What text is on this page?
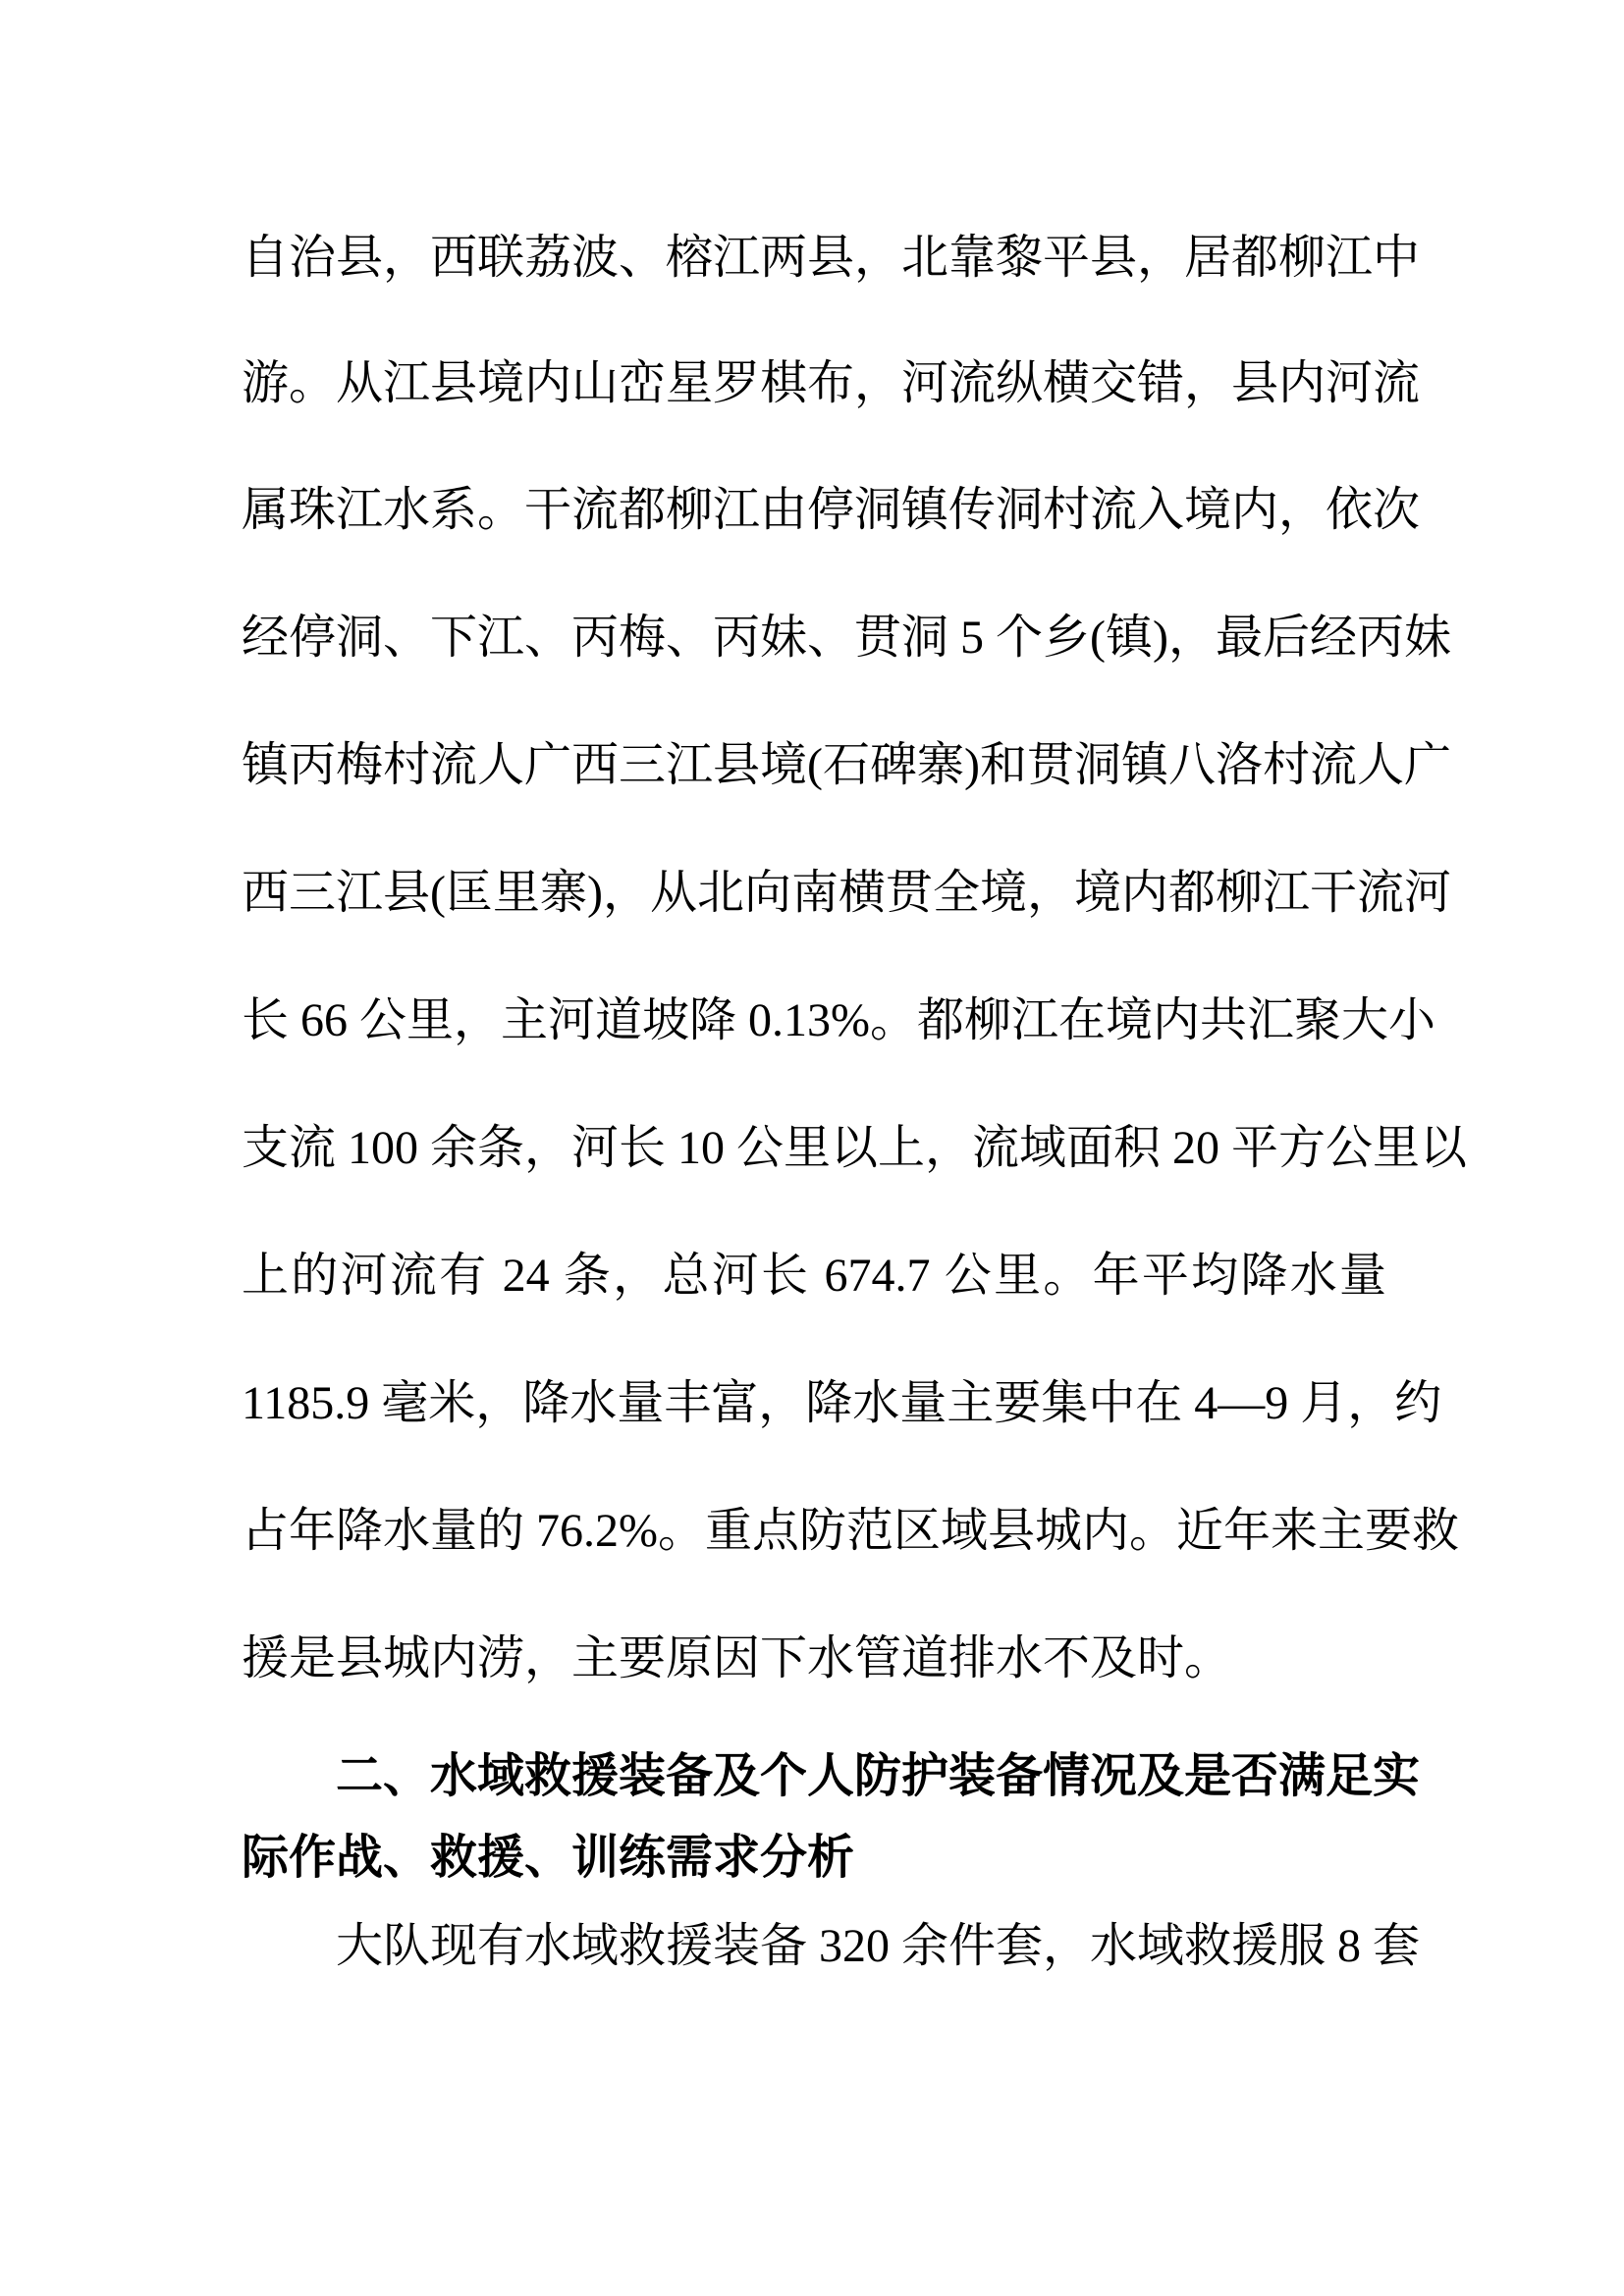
自治县，西联荔波、榕江两县，北靠黎平县，居都柳江中
游。从江县境内山峦星罗棋布，河流纵横交错，县内河流
属珠江水系。干流都柳江由停洞镇传洞村流入境内，依次
经停洞、下江、丙梅、丙妹、贯洞 5 个乡(镇)，最后经丙妹
镇丙梅村流人广西三江县境(石碑寨)和贯洞镇八洛村流人广
西三江县(匡里寨)，从北向南横贯全境，境内都柳江干流河
长 66 公里，主河道坡降 0.13%。都柳江在境内共汇聚大小
支流 100 余条，河长 10 公里以上，流域面积 20 平方公里以
上的河流有 24 条，总河长 674.7 公里。年平均降水量
1185.9 毫米，降水量丰富，降水量主要集中在 4—9 月，约
占年降水量的 76.2%。重点防范区域县城内。近年来主要救
援是县城内涝，主要原因下水管道排水不及时。
二、水域救援装备及个人防护装备情况及是否满足实
际作战、救援、训练需求分析
大队现有水域救援装备 320 余件套，水域救援服 8 套
